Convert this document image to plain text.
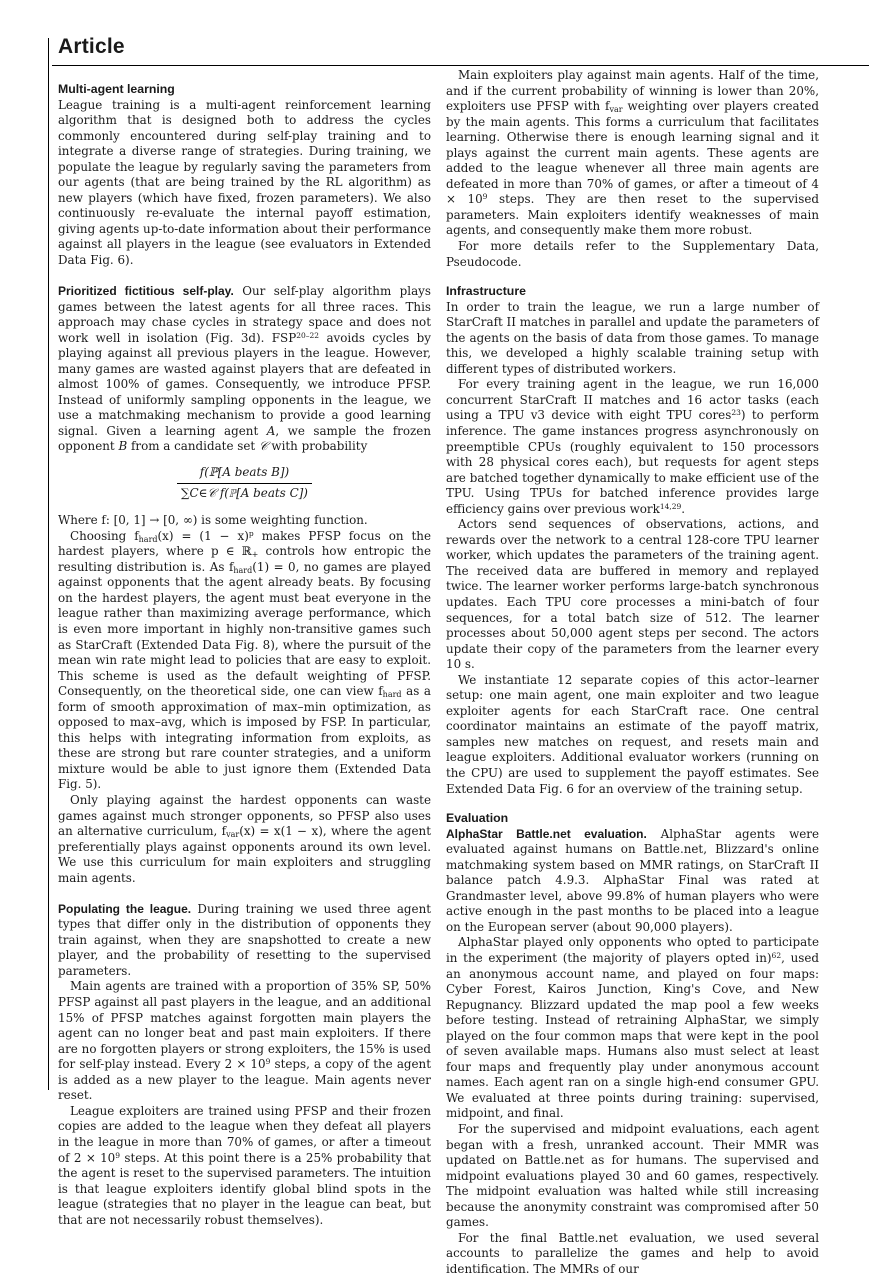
Article
Multi-agent learning

League training is a multi-agent reinforcement learning algorithm that is designed both to address the cycles commonly encountered during self-play training and to integrate a diverse range of strategies. During training, we populate the league by regularly saving the parameters from our agents (that are being trained by the RL algorithm) as new players (which have fixed, frozen parameters). We also continuously re-evaluate the internal payoff estimation, giving agents up-to-date information about their performance against all players in the league (see evaluators in Extended Data Fig. 6).

Prioritized fictitious self-play. Our self-play algorithm plays games between the latest agents for all three races. This approach may chase cycles in strategy space and does not work well in isolation (Fig. 3d). FSP$^{20-22}$ avoids cycles by playing against all previous players in the league. However, many games are wasted against players that are defeated in almost 100% of games. Consequently, we introduce PFSP. Instead of uniformly sampling opponents in the league, we use a matchmaking mechanism to provide a good learning signal. Given a learning agent A, we sample the frozen opponent B from a candidate set 𝒞 with probability

$\frac{\text{f(ℙ[A beats B])}}{\text{∑C∈𝒞 f(ℙ[A beats C])}}$

Where f: [0, 1] → [0, ∞) is some weighting function.

Choosing $f_{hard}(x) = (1 - x)^p$ makes PFSP focus on the hardest players, where p ∈ ℝ$_+$ controls how entropic the resulting distribution is. As $f_{hard}(1) = 0$, no games are played against opponents that the agent already beats. By focusing on the hardest players, the agent must beat everyone in the league rather than maximizing average performance, which is even more important in highly non-transitive games such as StarCraft (Extended Data Fig. 8), where the pursuit of the mean win rate might lead to policies that are easy to exploit. This scheme is used as the default weighting of PFSP. Consequently, on the theoretical side, one can view $f_{hard}$ as a form of smooth approximation of max–min optimization, as opposed to max–avg, which is imposed by FSP. In particular, this helps with integrating information from exploits, as these are strong but rare counter strategies, and a uniform mixture would be able to just ignore them (Extended Data Fig. 5).

Only playing against the hardest opponents can waste games against much stronger opponents, so PFSP also uses an alternative curriculum, $f_{var}(x) = x(1 - x)$, where the agent preferentially plays against opponents around its own level. We use this curriculum for main exploiters and struggling main agents.

Populating the league. During training we used three agent types that differ only in the distribution of opponents they train against, when they are snapshotted to create a new player, and the probability of resetting to the supervised parameters.

Main agents are trained with a proportion of 35% SP, 50% PFSP against all past players in the league, and an additional 15% of PFSP matches against forgotten main players the agent can no longer beat and past main exploiters. If there are no forgotten players or strong exploiters, the 15% is used for self-play instead. Every 2 × 10$^9$ steps, a copy of the agent is added as a new player to the league. Main agents never reset.

League exploiters are trained using PFSP and their frozen copies are added to the league when they defeat all players in the league in more than 70% of games, or after a timeout of 2 × 10$^9$ steps. At this point there is a 25% probability that the agent is reset to the supervised parameters. The intuition is that league exploiters identify global blind spots in the league (strategies that no player in the league can beat, but that are not necessarily robust themselves).

Main exploiters play against main agents. Half of the time, and if the current probability of winning is lower than 20%, exploiters use PFSP with $f_{var}$ weighting over players created by the main agents. This forms a curriculum that facilitates learning. Otherwise there is enough learning signal and it plays against the current main agents. These agents are added to the league whenever all three main agents are defeated in more than 70% of games, or after a timeout of 4 × 10$^9$ steps. They are then reset to the supervised parameters. Main exploiters identify weaknesses of main agents, and consequently make them more robust.

For more details refer to the Supplementary Data, Pseudocode.

Infrastructure

In order to train the league, we run a large number of StarCraft II matches in parallel and update the parameters of the agents on the basis of data from those games. To manage this, we developed a highly scalable training setup with different types of distributed workers.

For every training agent in the league, we run 16,000 concurrent StarCraft II matches and 16 actor tasks (each using a TPU v3 device with eight TPU cores$^{23}$) to perform inference. The game instances progress asynchronously on preemptible CPUs (roughly equivalent to 150 processors with 28 physical cores each), but requests for agent steps are batched together dynamically to make efficient use of the TPU. Using TPUs for batched inference provides large efficiency gains over previous work$^{14,29}$.

Actors send sequences of observations, actions, and rewards over the network to a central 128-core TPU learner worker, which updates the parameters of the training agent. The received data are buffered in memory and replayed twice. The learner worker performs large-batch synchronous updates. Each TPU core processes a mini-batch of four sequences, for a total batch size of 512. The learner processes about 50,000 agent steps per second. The actors update their copy of the parameters from the learner every 10 s.

We instantiate 12 separate copies of this actor–learner setup: one main agent, one main exploiter and two league exploiter agents for each StarCraft race. One central coordinator maintains an estimate of the payoff matrix, samples new matches on request, and resets main and league exploiters. Additional evaluator workers (running on the CPU) are used to supplement the payoff estimates. See Extended Data Fig. 6 for an overview of the training setup.

Evaluation

AlphaStar Battle.net evaluation. AlphaStar agents were evaluated against humans on Battle.net, Blizzard's online matchmaking system based on MMR ratings, on StarCraft II balance patch 4.9.3. AlphaStar Final was rated at Grandmaster level, above 99.8% of human players who were active enough in the past months to be placed into a league on the European server (about 90,000 players).

AlphaStar played only opponents who opted to participate in the experiment (the majority of players opted in)$^{62}$, used an anonymous account name, and played on four maps: Cyber Forest, Kairos Junction, King's Cove, and New Repugnancy. Blizzard updated the map pool a few weeks before testing. Instead of retraining AlphaStar, we simply played on the four common maps that were kept in the pool of seven available maps. Humans also must select at least four maps and frequently play under anonymous account names. Each agent ran on a single high-end consumer GPU. We evaluated at three points during training: supervised, midpoint, and final.

For the supervised and midpoint evaluations, each agent began with a fresh, unranked account. Their MMR was updated on Battle.net as for humans. The supervised and midpoint evaluations played 30 and 60 games, respectively. The midpoint evaluation was halted while still increasing because the anonymity constraint was compromised after 50 games.

For the final Battle.net evaluation, we used several accounts to parallelize the games and help to avoid identification. The MMRs of our
